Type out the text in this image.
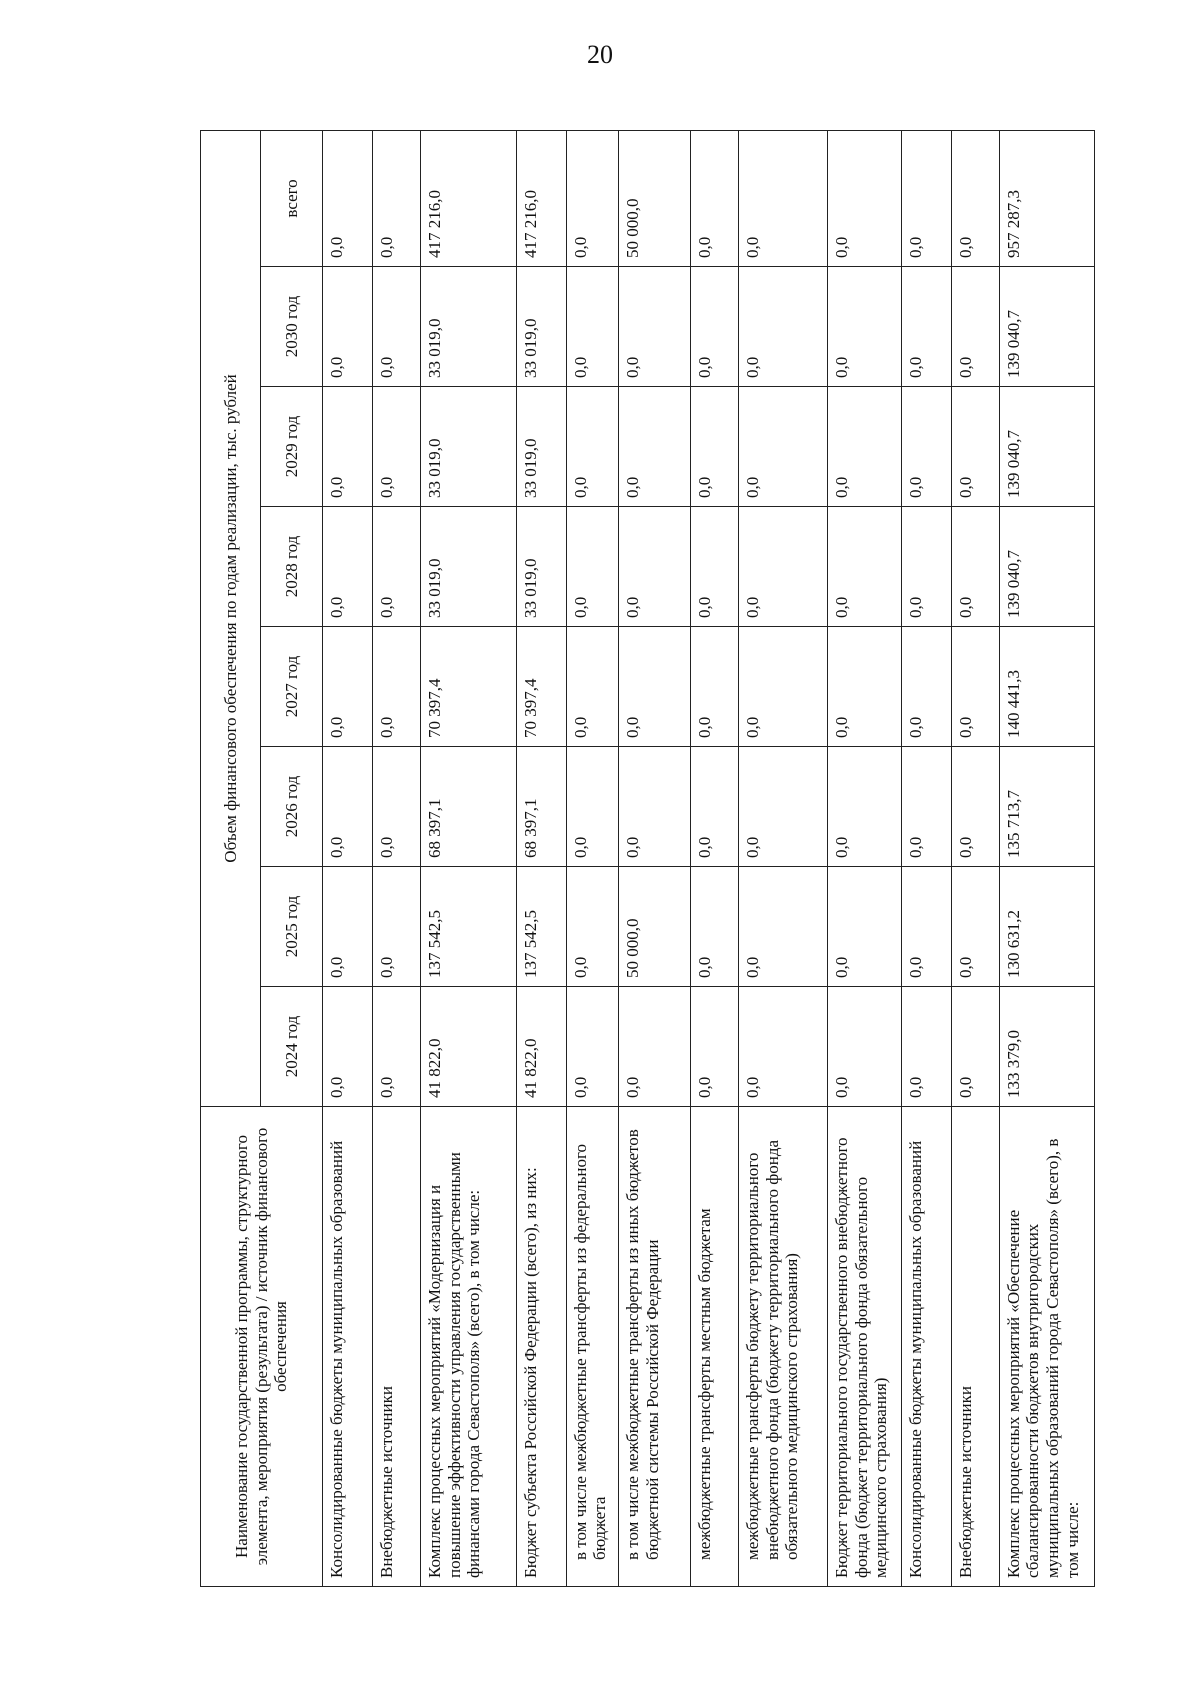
20
Наименование государственной программы, структурного элемента, мероприятия (результата) / источник финансового обеспечения	Объем финансового обеспечения по годам реализации, тыс. рублей							
	2024 год	2025 год	2026 год	2027 год	2028 год	2029 год	2030 год	всего
Консолидированные бюджеты муниципальных образований	0,0	0,0	0,0	0,0	0,0	0,0	0,0	0,0
Внебюджетные источники	0,0	0,0	0,0	0,0	0,0	0,0	0,0	0,0
Комплекс процессных мероприятий «Модернизация и повышение эффективности управления государственными финансами города Севастополя» (всего), в том числе:	41 822,0	137 542,5	68 397,1	70 397,4	33 019,0	33 019,0	33 019,0	417 216,0
Бюджет субъекта Российской Федерации (всего), из них:	41 822,0	137 542,5	68 397,1	70 397,4	33 019,0	33 019,0	33 019,0	417 216,0
в том числе межбюджетные трансферты из федерального бюджета	0,0	0,0	0,0	0,0	0,0	0,0	0,0	0,0
в том числе межбюджетные трансферты из иных бюджетов бюджетной системы Российской Федерации	0,0	50 000,0	0,0	0,0	0,0	0,0	0,0	50 000,0
межбюджетные трансферты местным бюджетам	0,0	0,0	0,0	0,0	0,0	0,0	0,0	0,0
межбюджетные трансферты бюджету территориального внебюджетного фонда (бюджету территориального фонда обязательного медицинского страхования)	0,0	0,0	0,0	0,0	0,0	0,0	0,0	0,0
Бюджет территориального государственного внебюджетного фонда (бюджет территориального фонда обязательного медицинского страхования)	0,0	0,0	0,0	0,0	0,0	0,0	0,0	0,0
Консолидированные бюджеты муниципальных образований	0,0	0,0	0,0	0,0	0,0	0,0	0,0	0,0
Внебюджетные источники	0,0	0,0	0,0	0,0	0,0	0,0	0,0	0,0
Комплекс процессных мероприятий «Обеспечение сбалансированности бюджетов внутригородских муниципальных образований города Севастополя» (всего), в том числе:	133 379,0	130 631,2	135 713,7	140 441,3	139 040,7	139 040,7	139 040,7	957 287,3
